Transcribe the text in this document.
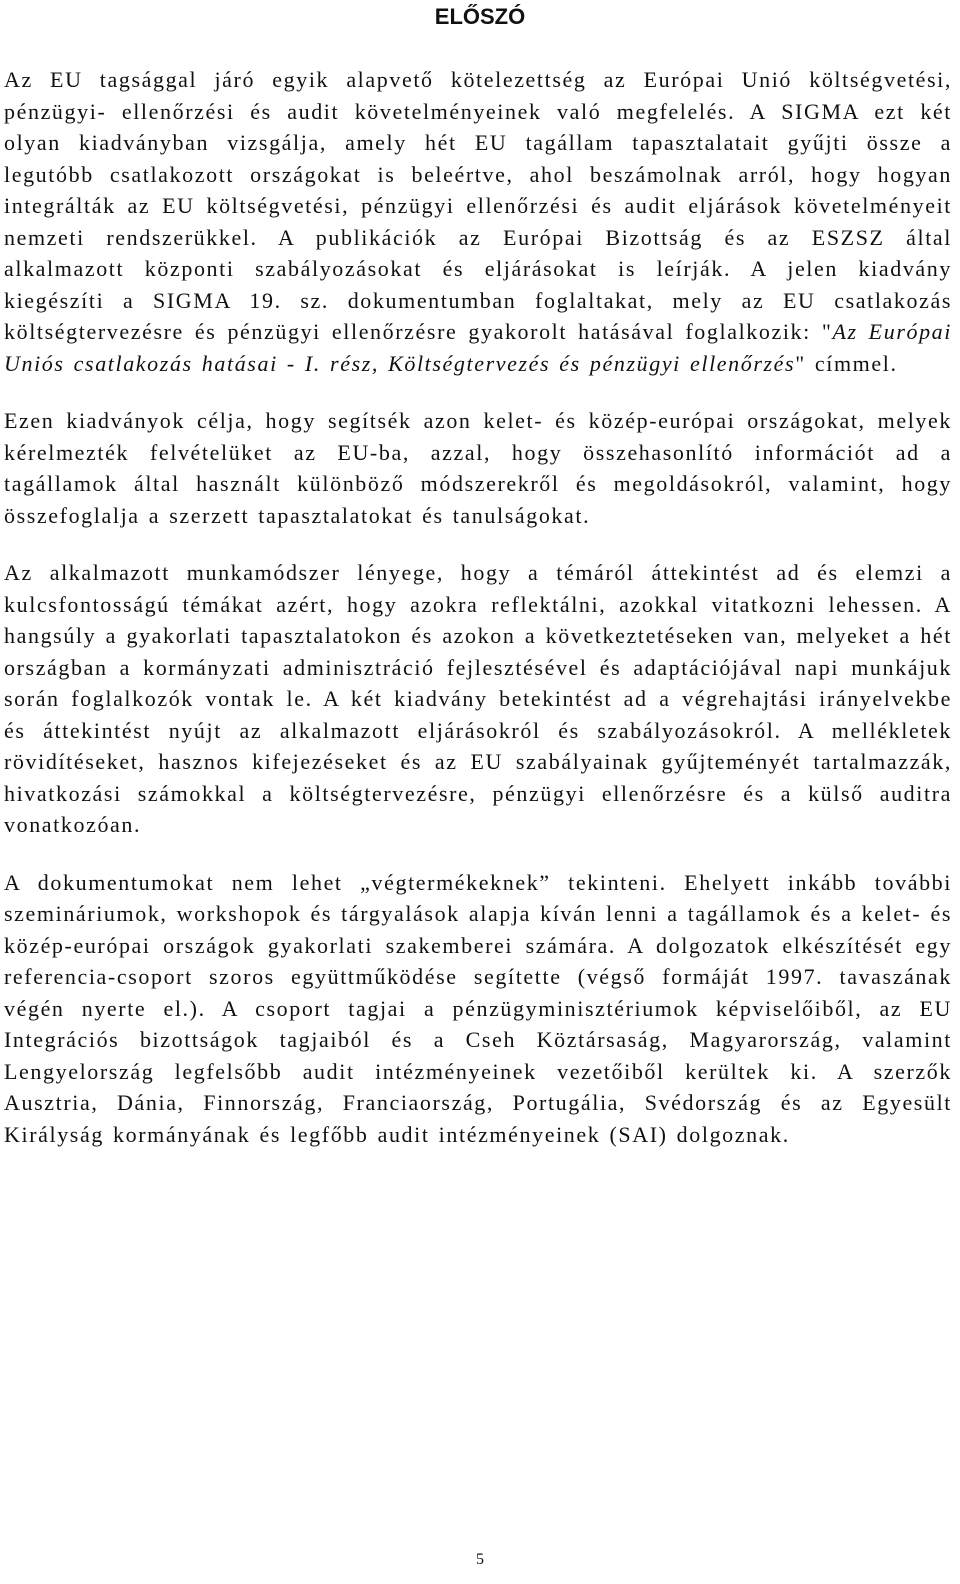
ELŐSZÓ

Az EU tagsággal járó egyik alapvető kötelezettség az Európai Unió költségvetési, pénzügyi- ellenőrzési és audit követelményeinek való megfelelés. A SIGMA ezt két olyan kiadványban vizsgálja, amely hét EU tagállam tapasztalatait gyűjti össze a legutóbb csatlakozott országokat is beleértve, ahol beszámolnak arról, hogy hogyan integrálták az EU költségvetési, pénzügyi ellenőrzési és audit eljárások követelményeit nemzeti rendszerükkel. A publikációk az Európai Bizottság és az ESZSZ által alkalmazott központi szabályozásokat és eljárásokat is leírják. A jelen kiadvány kiegészíti a SIGMA 19. sz. dokumentumban foglaltakat, mely az EU csatlakozás költségtervezésre és pénzügyi ellenőrzésre gyakorolt hatásával foglalkozik: "Az Európai Uniós csatlakozás hatásai - I. rész, Költségtervezés és pénzügyi ellenőrzés" címmel.

Ezen kiadványok célja, hogy segítsék azon kelet- és közép-európai országokat, melyek kérelmezték felvételüket az EU-ba, azzal, hogy összehasonlító információt ad a tagállamok által használt különböző módszerekről és megoldásokról, valamint, hogy összefoglalja a szerzett tapasztalatokat és tanulságokat.

Az alkalmazott munkamódszer lényege, hogy a témáról áttekintést ad és elemzi a kulcsfontosságú témákat azért, hogy azokra reflektálni, azokkal vitatkozni lehessen. A hangsúly a gyakorlati tapasztalatokon és azokon a következtetéseken van, melyeket a hét országban a kormányzati adminisztráció fejlesztésével és adaptációjával napi munkájuk során foglalkozók vontak le. A két kiadvány betekintést ad a végrehajtási irányelvekbe és áttekintést nyújt az alkalmazott eljárásokról és szabályozásokról. A mellékletek rövidítéseket, hasznos kifejezéseket és az EU szabályainak gyűjteményét tartalmazzák, hivatkozási számokkal a költségtervezésre, pénzügyi ellenőrzésre és a külső auditra vonatkozóan.

A dokumentumokat nem lehet „végtermékeknek” tekinteni. Ehelyett inkább további szemináriumok, workshopok és tárgyalások alapja kíván lenni a tagállamok és a kelet- és közép-európai országok gyakorlati szakemberei számára. A dolgozatok elkészítését egy referencia-csoport szoros együttműködése segítette (végső formáját 1997. tavaszának végén nyerte el.). A csoport tagjai a pénzügyminisztériumok képviselőiből, az EU Integrációs bizottságok tagjaiból és a Cseh Köztársaság, Magyarország, valamint Lengyelország legfelsőbb audit intézményeinek vezetőiből kerültek ki. A szerzők Ausztria, Dánia, Finnország, Franciaország, Portugália, Svédország és az Egyesült Királyság kormányának és legfőbb audit intézményeinek (SAI) dolgoznak.

5
